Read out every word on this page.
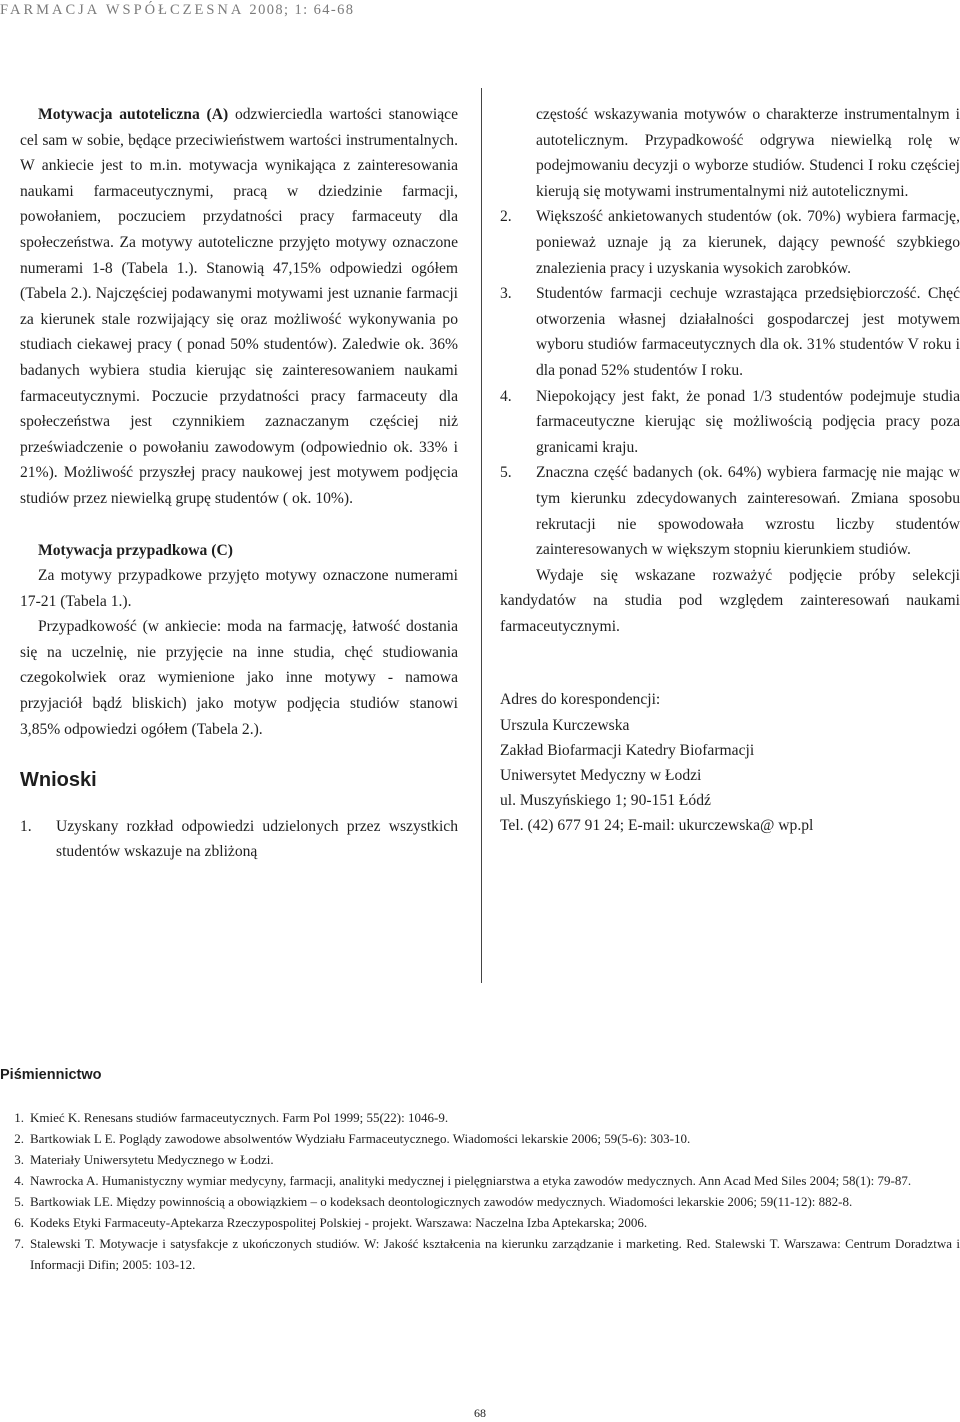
FARMACJA WSPÓŁCZESNA 2008; 1: 64-68

Motywacja autoteliczna (A) odzwierciedla wartości stanowiące cel sam w sobie, będące przeciwieństwem wartości instrumentalnych. W ankiecie jest to m.in. motywacja wynikająca z zainteresowania naukami farmaceutycznymi, pracą w dziedzinie farmacji, powołaniem, poczuciem przydatności pracy farmaceuty dla społeczeństwa. Za motywy autoteliczne przyjęto motywy oznaczone numerami 1-8 (Tabela 1.). Stanowią 47,15% odpowiedzi ogółem (Tabela 2.). Najczęściej podawanymi motywami jest uznanie farmacji za kierunek stale rozwijający się oraz możliwość wykonywania po studiach ciekawej pracy ( ponad 50% studentów). Zaledwie ok. 36% badanych wybiera studia kierując się zainteresowaniem naukami farmaceutycznymi. Poczucie przydatności pracy farmaceuty dla społeczeństwa jest czynnikiem zaznaczanym częściej niż przeświadczenie o powołaniu zawodowym (odpowiednio ok. 33% i 21%). Możliwość przyszłej pracy naukowej jest motywem podjęcia studiów przez niewielką grupę studentów ( ok. 10%).

Motywacja przypadkowa (C)

Za motywy przypadkowe przyjęto motywy oznaczone numerami 17-21 (Tabela 1.).

Przypadkowość (w ankiecie: moda na farmację, łatwość dostania się na uczelnię, nie przyjęcie na inne studia, chęć studiowania czegokolwiek oraz wymienione jako inne motywy - namowa przyjaciół bądź bliskich) jako motyw podjęcia studiów stanowi 3,85% odpowiedzi ogółem (Tabela 2.).

Wnioski

1.	Uzyskany rozkład odpowiedzi udzielonych przez wszystkich studentów wskazuje na zbliżoną
częstość wskazywania motywów o charakterze instrumentalnym i autotelicznym. Przypadkowość odgrywa niewielką rolę w podejmowaniu decyzji o wyborze studiów. Studenci I roku częściej kierują się motywami instrumentalnymi niż autotelicznymi.
2.	Większość ankietowanych studentów (ok. 70%) wybiera farmację, ponieważ uznaje ją za kierunek, dający pewność szybkiego znalezienia pracy i uzyskania wysokich zarobków.
3.	Studentów farmacji cechuje wzrastająca przedsiębiorczość. Chęć otworzenia własnej działalności gospodarczej jest motywem wyboru studiów farmaceutycznych dla ok. 31% studentów V roku i dla ponad 52% studentów I roku.
4.	Niepokojący jest fakt, że ponad 1/3 studentów podejmuje studia farmaceutyczne kierując się możliwością podjęcia pracy poza granicami kraju.
5.	Znaczna część badanych (ok. 64%) wybiera farmację nie mając w tym kierunku zdecydowanych zainteresowań. Zmiana sposobu rekrutacji nie spowodowała wzrostu liczby studentów zainteresowanych w większym stopniu kierunkiem studiów.

Wydaje się wskazane rozważyć podjęcie próby selekcji kandydatów na studia pod względem zainteresowań naukami farmaceutycznymi.

Adres do korespondencji:
Urszula Kurczewska
Zakład Biofarmacji Katedry Biofarmacji
Uniwersytet Medyczny w Łodzi
ul. Muszyńskiego 1; 90-151 Łódź
Tel. (42) 677 91 24; E-mail: ukurczewska@ wp.pl
Piśmiennictwo
1. Kmieć K. Renesans studiów farmaceutycznych. Farm Pol 1999; 55(22): 1046-9.
2. Bartkowiak L E. Poglądy zawodowe absolwentów Wydziału Farmaceutycznego. Wiadomości lekarskie 2006; 59(5-6): 303-10.
3. Materiały Uniwersytetu Medycznego w Łodzi.
4. Nawrocka A. Humanistyczny wymiar medycyny, farmacji, analityki medycznej i pielęgniarstwa a etyka zawodów medycznych. Ann Acad Med Siles 2004; 58(1): 79-87.
5. Bartkowiak LE. Między powinnością a obowiązkiem – o kodeksach deontologicznych zawodów medycznych. Wiadomości lekarskie 2006; 59(11-12): 882-8.
6. Kodeks Etyki Farmaceuty-Aptekarza Rzeczypospolitej Polskiej - projekt. Warszawa: Naczelna Izba Aptekarska; 2006.
7. Stalewski T. Motywacje i satysfakcje z ukończonych studiów. W: Jakość kształcenia na kierunku zarządzanie i marketing. Red. Stalewski T. Warszawa: Centrum Doradztwa i Informacji Difin; 2005: 103-12.
68
